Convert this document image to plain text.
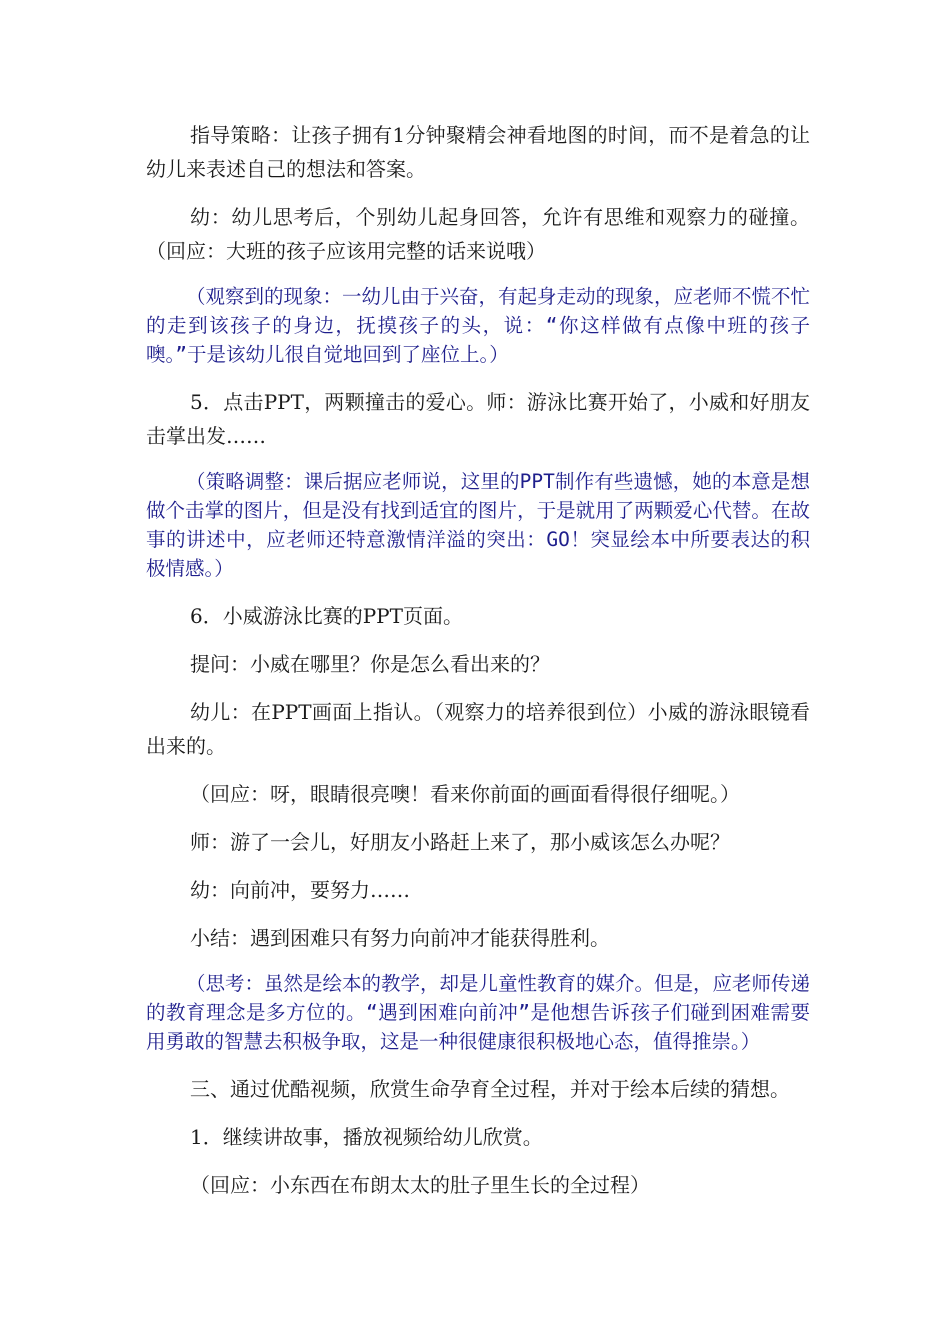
指导策略：让孩子拥有1分钟聚精会神看地图的时间，而不是着急的让幼儿来表述自己的想法和答案。

幼：幼儿思考后，个别幼儿起身回答，允许有思维和观察力的碰撞。（回应：大班的孩子应该用完整的话来说哦）

（观察到的现象：一幼儿由于兴奋，有起身走动的现象，应老师不慌不忙的走到该孩子的身边，抚摸孩子的头，说：“你这样做有点像中班的孩子噢。”于是该幼儿很自觉地回到了座位上。）

5．点击PPT，两颗撞击的爱心。师：游泳比赛开始了，小威和好朋友击掌出发……

（策略调整：课后据应老师说，这里的PPT制作有些遗憾，她的本意是想做个击掌的图片，但是没有找到适宜的图片，于是就用了两颗爱心代替。在故事的讲述中，应老师还特意激情洋溢的突出：GO！突显绘本中所要表达的积极情感。）

6．小威游泳比赛的PPT页面。

提问：小威在哪里？你是怎么看出来的？

幼儿：在PPT画面上指认。（观察力的培养很到位）小威的游泳眼镜看出来的。

（回应：呀，眼睛很亮噢！看来你前面的画面看得很仔细呢。）

师：游了一会儿，好朋友小路赶上来了，那小威该怎么办呢？

幼：向前冲，要努力……

小结：遇到困难只有努力向前冲才能获得胜利。

（思考：虽然是绘本的教学，却是儿童性教育的媒介。但是，应老师传递的教育理念是多方位的。“遇到困难向前冲”是他想告诉孩子们碰到困难需要用勇敢的智慧去积极争取，这是一种很健康很积极地心态，值得推崇。）

三、通过优酷视频，欣赏生命孕育全过程，并对于绘本后续的猜想。

1．继续讲故事，播放视频给幼儿欣赏。

（回应：小东西在布朗太太的肚子里生长的全过程）
